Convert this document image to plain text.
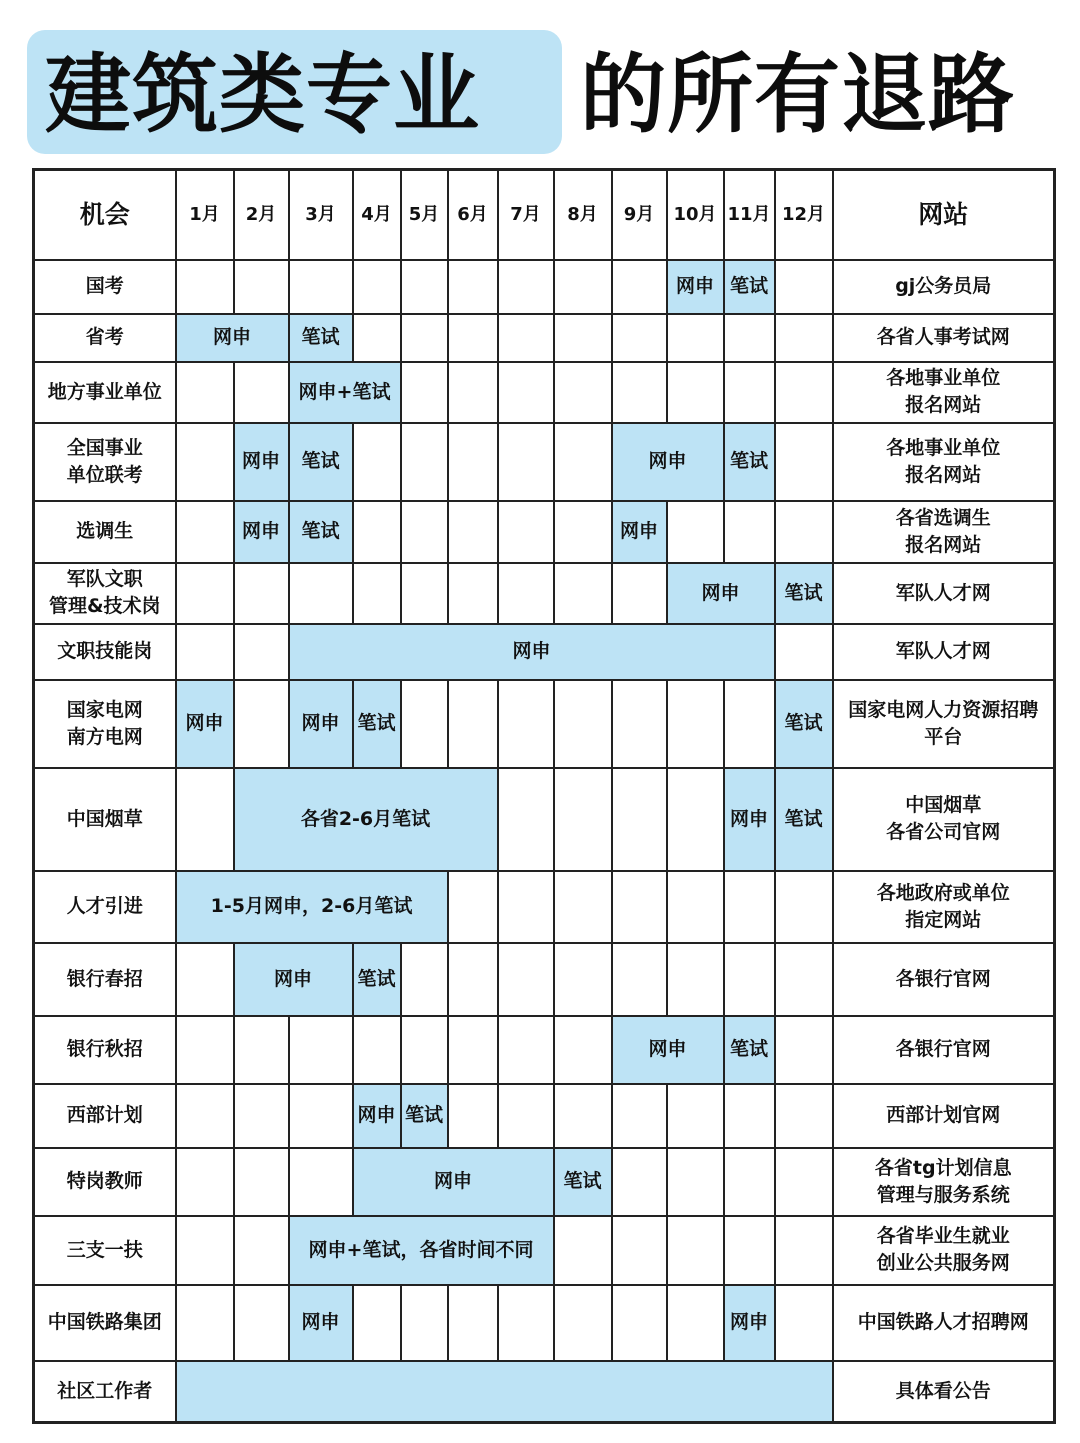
建筑类专业 的所有退路
机会	1月	2月	3月	4月	5月	6月	7月	8月	9月	10月	11月	12月	网站
国考										网申	笔试		gj公务员局
省考	网申		笔试										各省人事考试网
地方事业单位			网申+笔试										各地事业单位
报名网站
全国事业
单位联考		网申	笔试						网申		笔试		各地事业单位
报名网站
选调生		网申	笔试						网申				各省选调生
报名网站
军队文职
管理&技术岗										网申		笔试	军队人才网
文职技能岗			网申										军队人才网
国家电网
南方电网	网申		网申	笔试								笔试	国家电网人力资源招聘
平台
中国烟草		各省2-6月笔试									网申	笔试	中国烟草
各省公司官网
人才引进	1-5月网申，2-6月笔试												各地政府或单位
指定网站
银行春招		网申		笔试									各银行官网
银行秋招									网申		笔试		各银行官网
西部计划				网申	笔试								西部计划官网
特岗教师				网申				笔试					各省tg计划信息
管理与服务系统
三支一扶			网申+笔试，各省时间不同										各省毕业生就业
创业公共服务网
中国铁路集团			网申								网申		中国铁路人才招聘网
社区工作者													具体看公告
